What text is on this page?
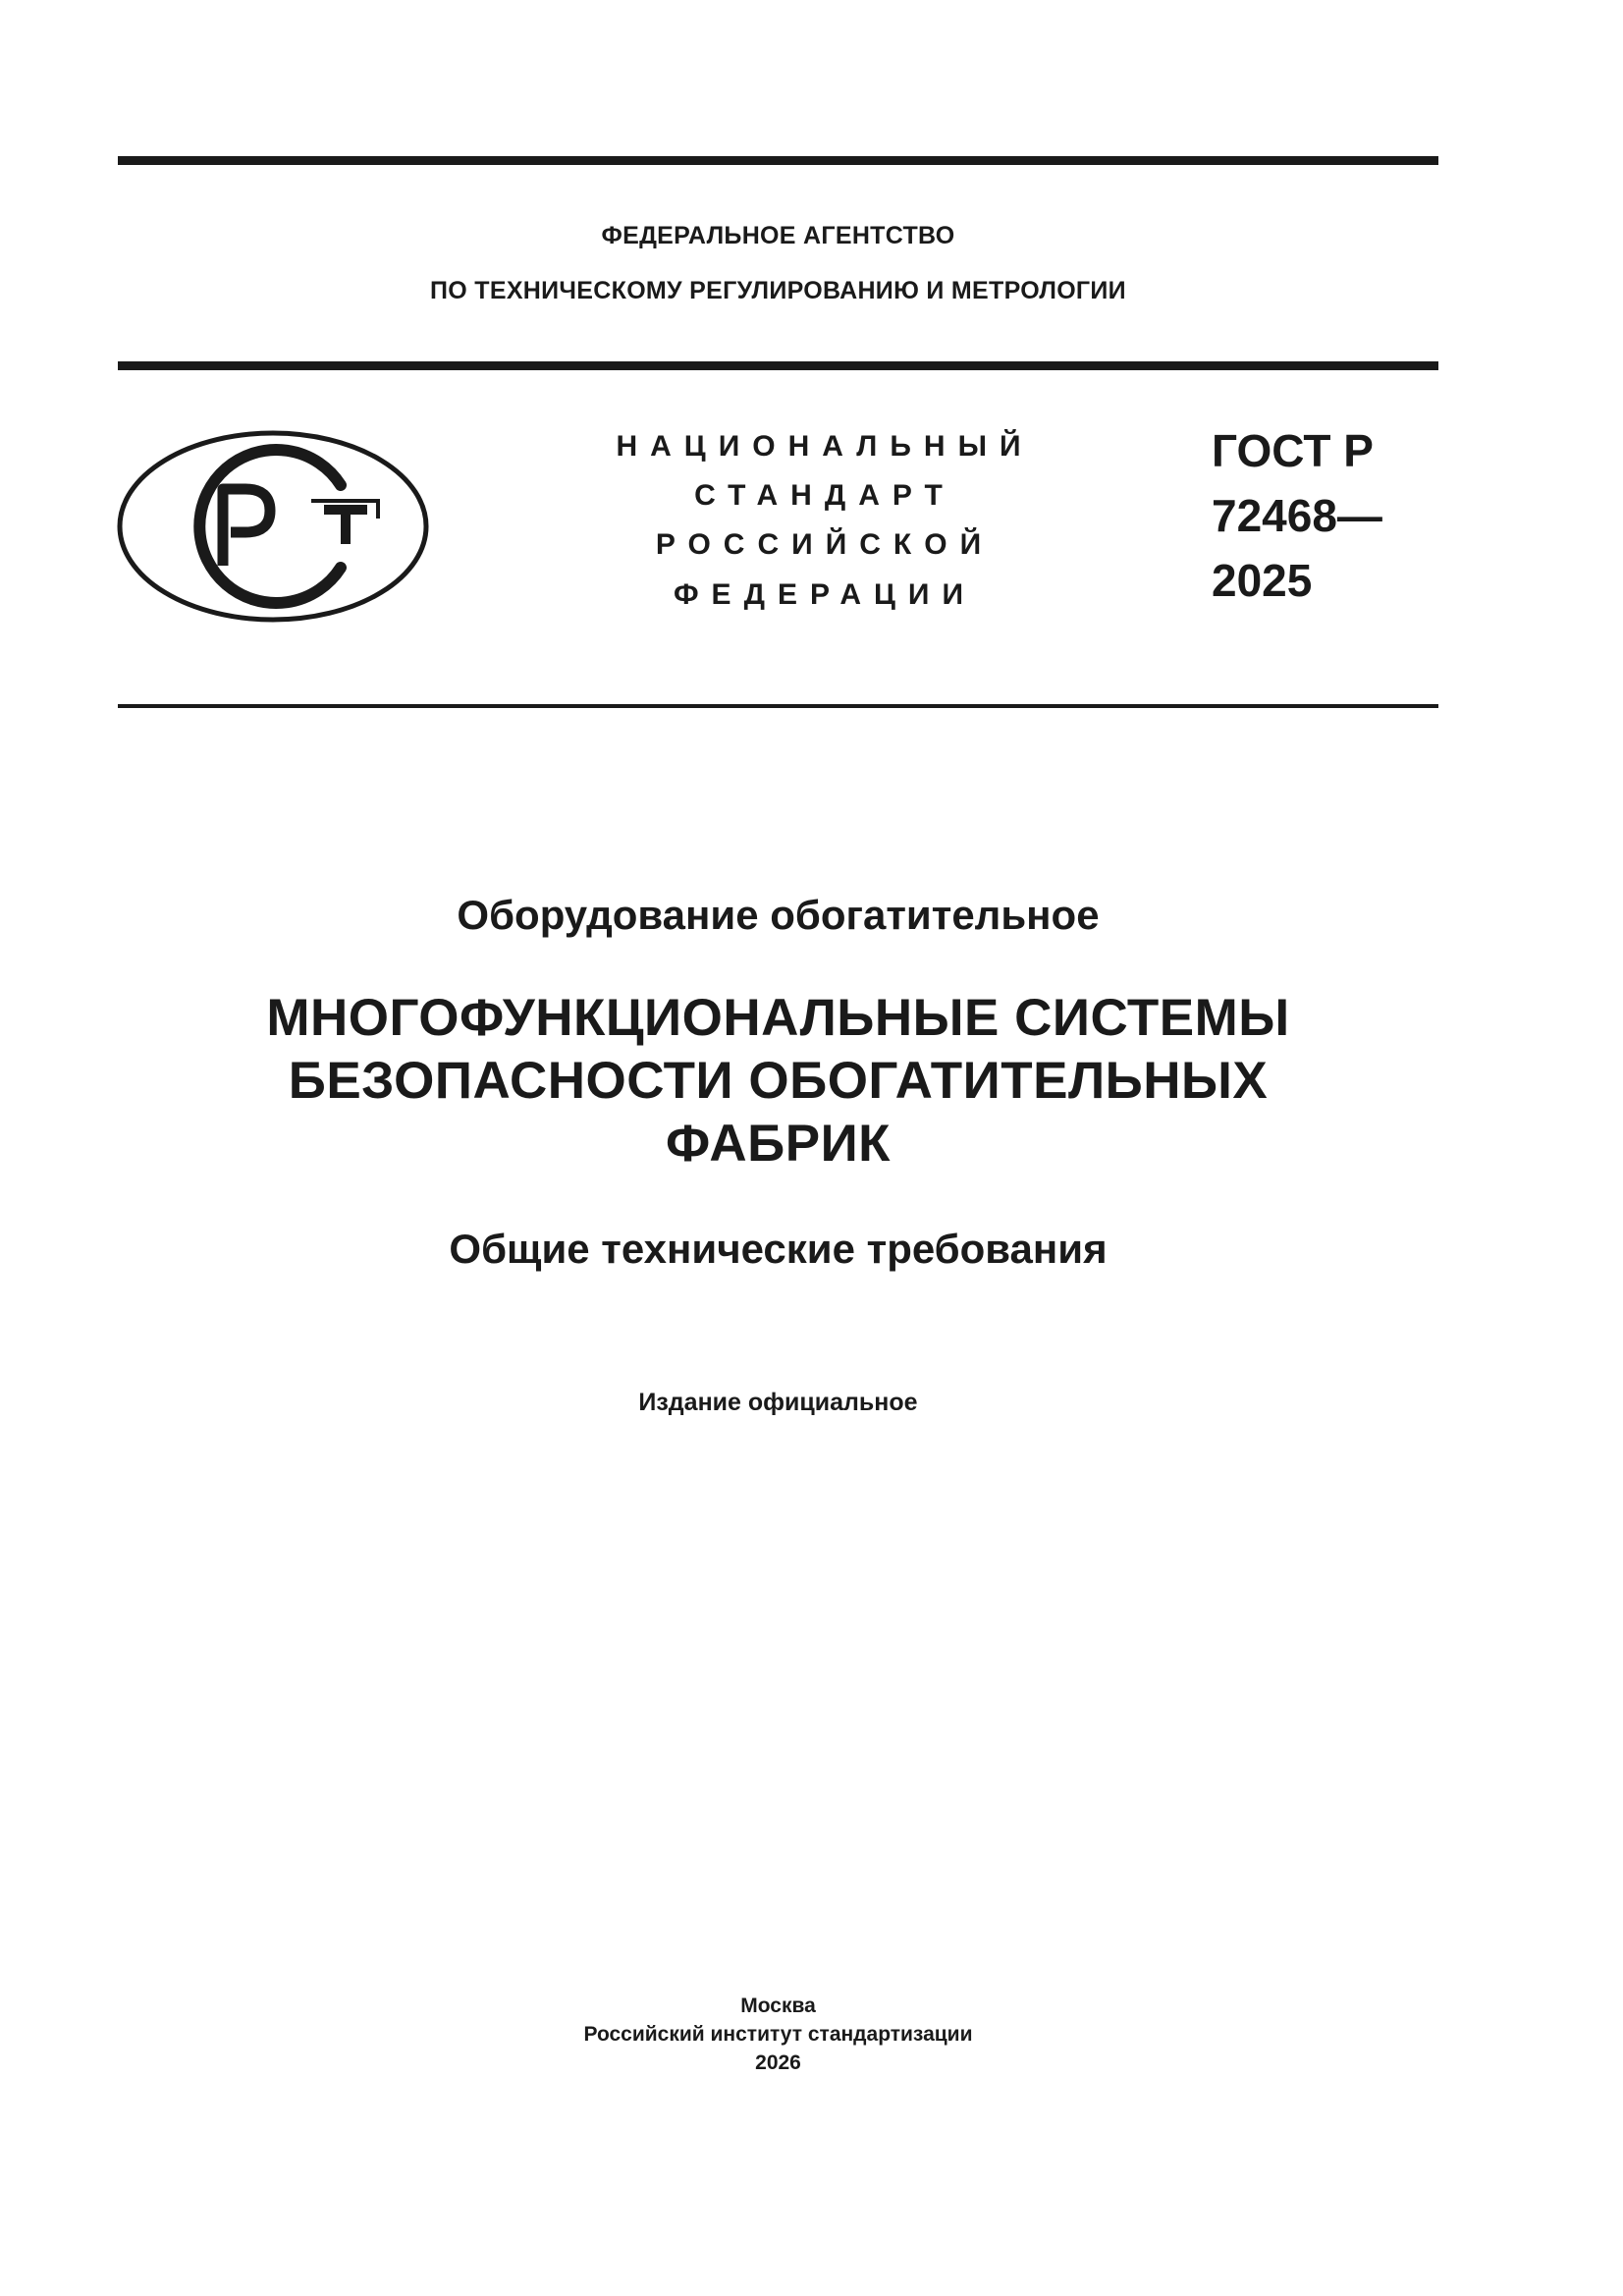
ФЕДЕРАЛЬНОЕ АГЕНТСТВО
ПО ТЕХНИЧЕСКОМУ РЕГУЛИРОВАНИЮ И МЕТРОЛОГИИ
НАЦИОНАЛЬНЫЙ
СТАНДАРТ
РОССИЙСКОЙ
ФЕДЕРАЦИИ
ГОСТ Р
72468—
2025
Оборудование обогатительное
МНОГОФУНКЦИОНАЛЬНЫЕ СИСТЕМЫ
БЕЗОПАСНОСТИ ОБОГАТИТЕЛЬНЫХ
ФАБРИК
Общие технические требования
Издание официальное
Москва
Российский институт стандартизации
2026
